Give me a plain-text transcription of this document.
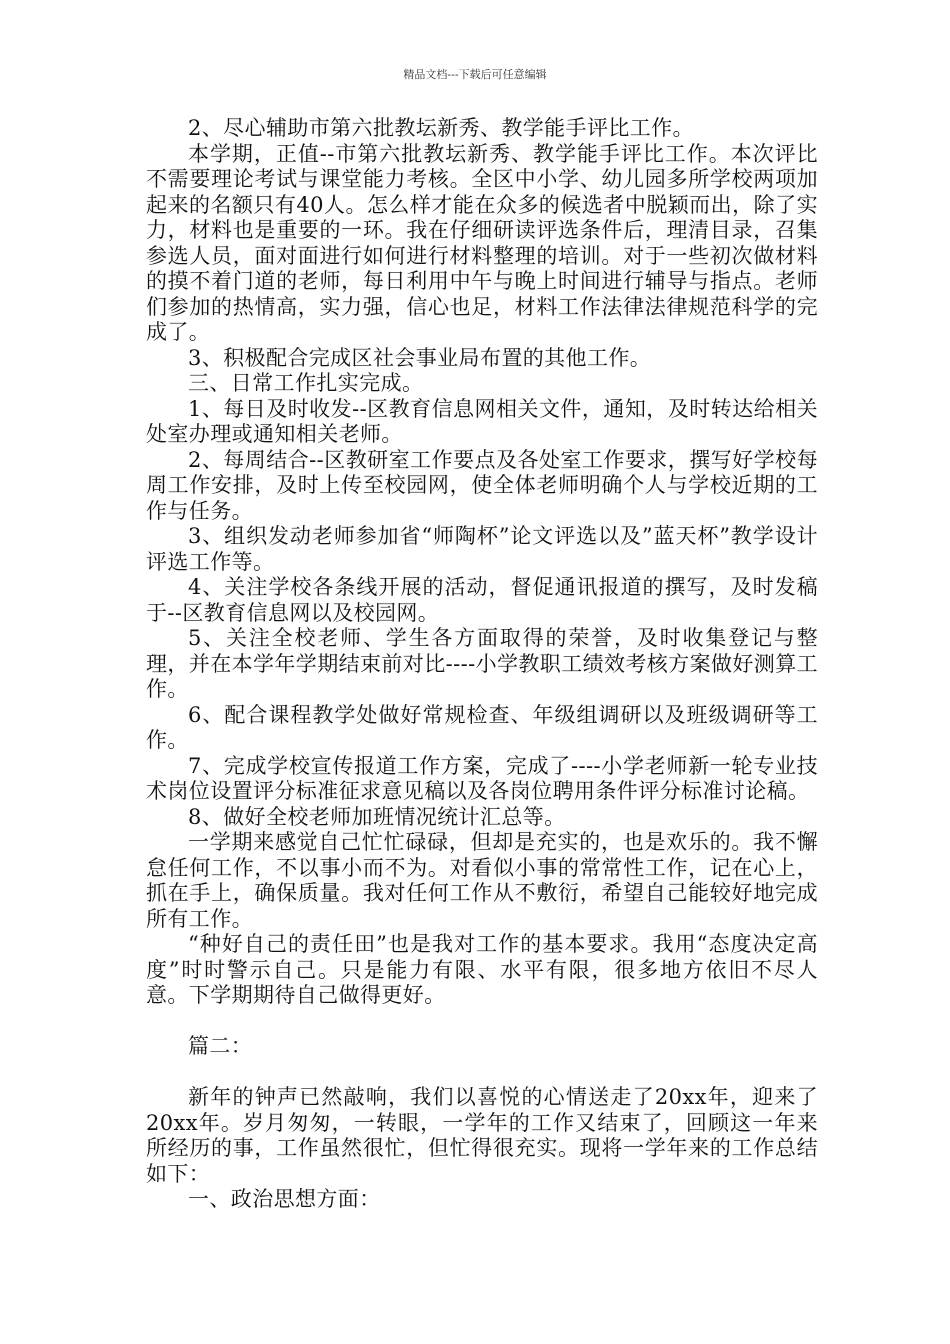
精品文档---下载后可任意编辑

2、尽心辅助市第六批教坛新秀、教学能手评比工作。

本学期，正值--市第六批教坛新秀、教学能手评比工作。本次评比不需要理论考试与课堂能力考核。全区中小学、幼儿园多所学校两项加起来的名额只有40人。怎么样才能在众多的候选者中脱颖而出，除了实力，材料也是重要的一环。我在仔细研读评选条件后，理清目录，召集参选人员，面对面进行如何进行材料整理的培训。对于一些初次做材料的摸不着门道的老师，每日利用中午与晚上时间进行辅导与指点。老师们参加的热情高，实力强，信心也足，材料工作法律法律规范科学的完成了。

3、积极配合完成区社会事业局布置的其他工作。

三、日常工作扎实完成。

1、每日及时收发--区教育信息网相关文件，通知，及时转达给相关处室办理或通知相关老师。

2、每周结合--区教研室工作要点及各处室工作要求，撰写好学校每周工作安排，及时上传至校园网，使全体老师明确个人与学校近期的工作与任务。

3、组织发动老师参加省“师陶杯”论文评选以及”蓝天杯”教学设计评选工作等。

4、关注学校各条线开展的活动，督促通讯报道的撰写，及时发稿于--区教育信息网以及校园网。

5、关注全校老师、学生各方面取得的荣誉，及时收集登记与整理，并在本学年学期结束前对比----小学教职工绩效考核方案做好测算工作。

6、配合课程教学处做好常规检查、年级组调研以及班级调研等工作。

7、完成学校宣传报道工作方案，完成了----小学老师新一轮专业技术岗位设置评分标准征求意见稿以及各岗位聘用条件评分标准讨论稿。

8、做好全校老师加班情况统计汇总等。

一学期来感觉自己忙忙碌碌，但却是充实的，也是欢乐的。我不懈怠任何工作，不以事小而不为。对看似小事的常常性工作，记在心上，抓在手上，确保质量。我对任何工作从不敷衍，希望自己能较好地完成所有工作。

“种好自己的责任田”也是我对工作的基本要求。我用“态度决定高度”时时警示自己。只是能力有限、水平有限，很多地方依旧不尽人意。下学期期待自己做得更好。

篇二：

新年的钟声已然敲响，我们以喜悦的心情送走了20xx年，迎来了20xx年。岁月匆匆，一转眼，一学年的工作又结束了，回顾这一年来所经历的事，工作虽然很忙，但忙得很充实。现将一学年来的工作总结如下：

一、政治思想方面：
